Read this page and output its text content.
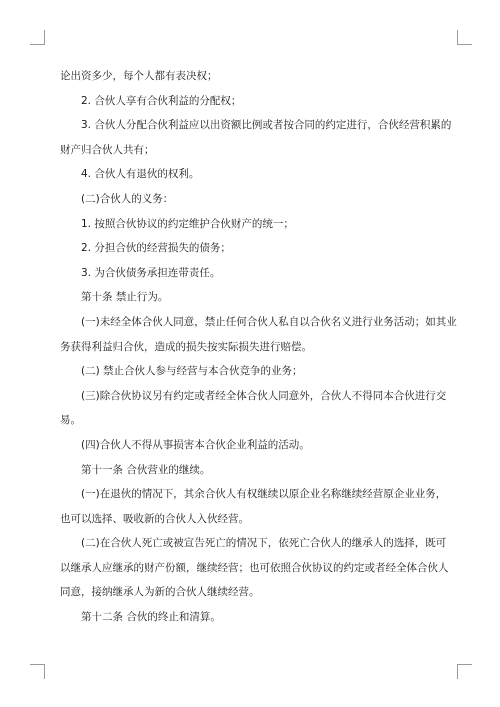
论出资多少，每个人都有表决权；

2. 合伙人享有合伙利益的分配权；

3. 合伙人分配合伙利益应以出资额比例或者按合同的约定进行，合伙经营积累的

财产归合伙人共有；

4. 合伙人有退伙的权利。

(二)合伙人的义务：

1. 按照合伙协议的约定维护合伙财产的统一；

2. 分担合伙的经营损失的债务；

3. 为合伙债务承担连带责任。

第十条 禁止行为。

(一)未经全体合伙人同意，禁止任何合伙人私自以合伙名义进行业务活动；如其业

务获得利益归合伙，造成的损失按实际损失进行赔偿。

(二) 禁止合伙人参与经营与本合伙竞争的业务；

(三)除合伙协议另有约定或者经全体合伙人同意外，合伙人不得同本合伙进行交

易。

(四)合伙人不得从事损害本合伙企业利益的活动。

第十一条 合伙营业的继续。

(一)在退伙的情况下，其余合伙人有权继续以原企业名称继续经营原企业业务，

也可以选择、吸收新的合伙人入伙经营。

(二)在合伙人死亡或被宣告死亡的情况下，依死亡合伙人的继承人的选择，既可

以继承人应继承的财产份额，继续经营；也可依照合伙协议的约定或者经全体合伙人

同意，接纳继承人为新的合伙人继续经营。

第十二条 合伙的终止和清算。
